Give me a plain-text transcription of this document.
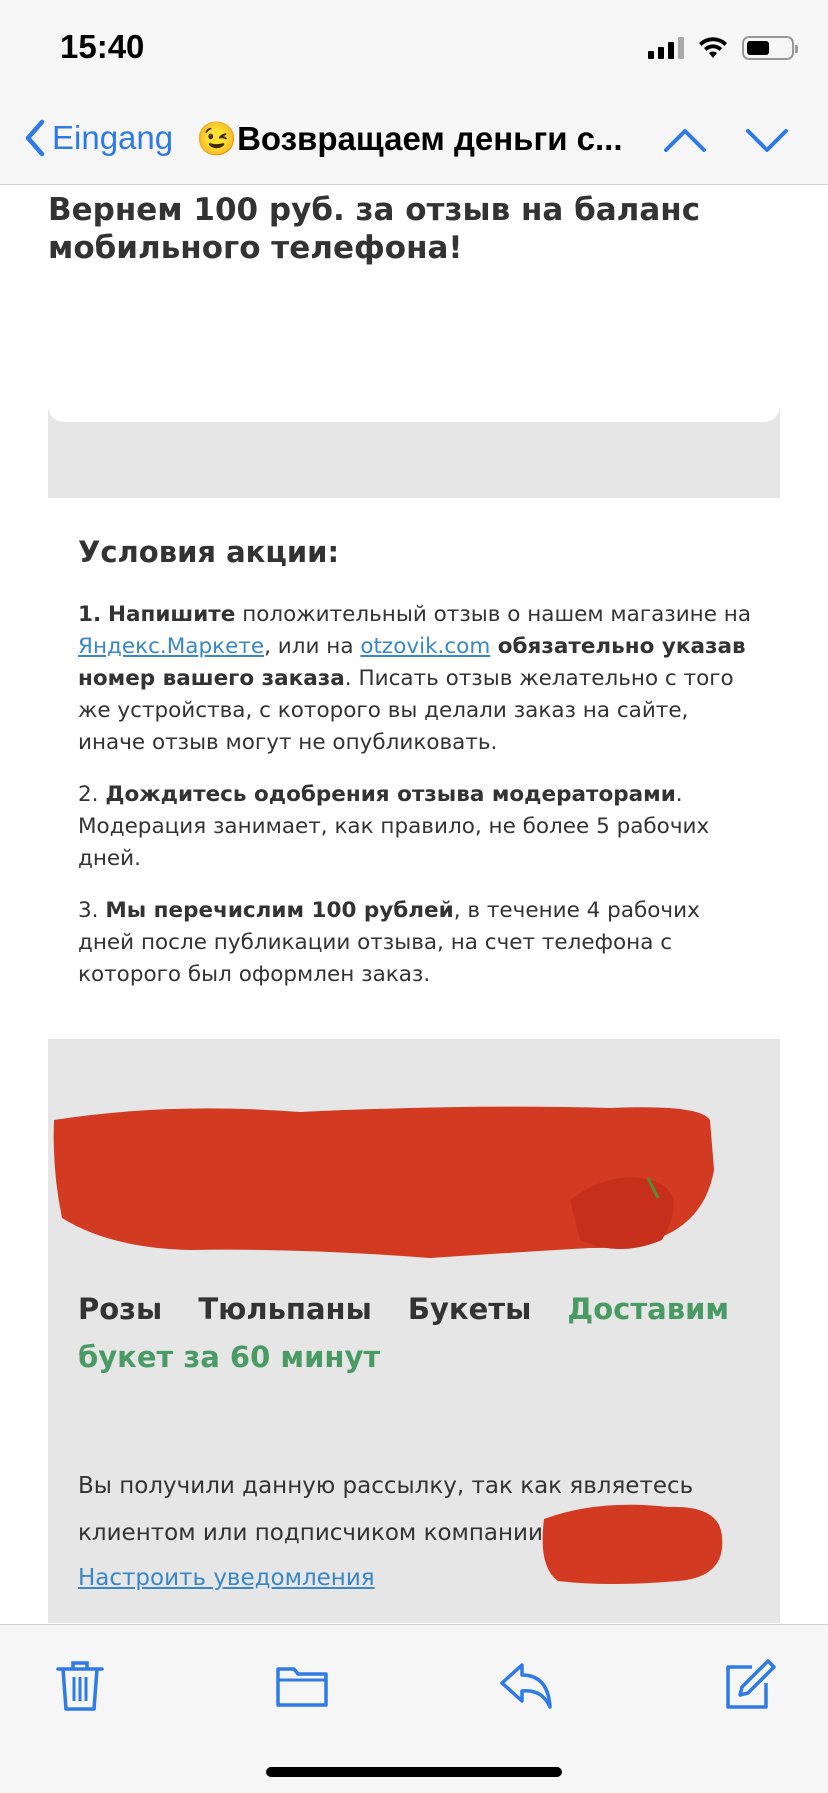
15:40
Eingang 😉Возвращаем деньги с...
Вернем 100 руб. за отзыв на баланс мобильного телефона!
Условия акции:

1. Напишите положительный отзыв о нашем магазине на Яндекс.Маркете, или на otzovik.com обязательно указав номер вашего заказа. Писать отзыв желательно с того же устройства, с которого вы делали заказ на сайте, иначе отзыв могут не опубликовать.

2. Дождитесь одобрения отзыва модераторами. Модерация занимает, как правило, не более 5 рабочих дней.

3. Мы перечислим 100 рублей, в течение 4 рабочих дней после публикации отзыва, на счет телефона с которого был оформлен заказ.

Розы Тюльпаны Букеты Доставим букет за 60 минут
Вы получили данную рассылку, так как являетесь клиентом или подписчиком компании
Настроить уведомления
